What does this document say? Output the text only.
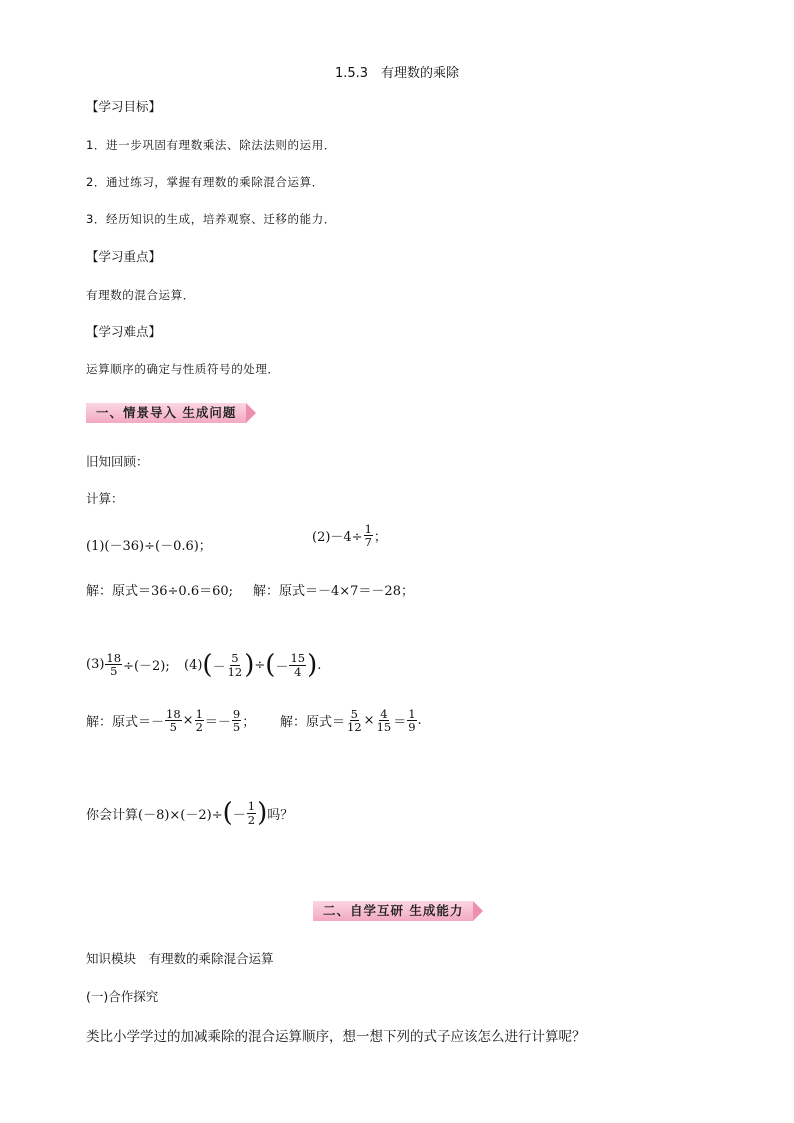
1.5.3　有理数的乘除
【学习目标】
1．进一步巩固有理数乘法、除法法则的运用．
2．通过练习，掌握有理数的乘除混合运算．
3．经历知识的生成，培养观察、迁移的能力．
【学习重点】
有理数的混合运算．
【学习难点】
运算顺序的确定与性质符号的处理．
一、情景导入 生成问题
旧知回顾：
计算：
(1)(－36)÷(－0.6)；
$(2)-4\div \frac{1}{7}$ ；
解：原式＝36÷0.6＝60; 解：原式＝－4×7＝－28；
$(3) \frac{18}{5} \div(-2)$; (4) ( － $\frac{5}{12}$ ) ÷ ( － $\frac{15}{4}$ ) .
解：原式＝－ $\frac{18}{5} \times \frac{1}{2} =- \frac{9}{5}$ ； 解：原式＝ $\frac{5}{12} \times \frac{4}{15} = \frac{1}{9}$ .
你会计算(－8)×(－2)÷ ( － $\frac{1}{2}$ ) 吗？
二、自学互研 生成能力
知识模块　有理数的乘除混合运算
(一)合作探究
类比小学学过的加减乘除的混合运算顺序，想一想下列的式子应该怎么进行计算呢？
